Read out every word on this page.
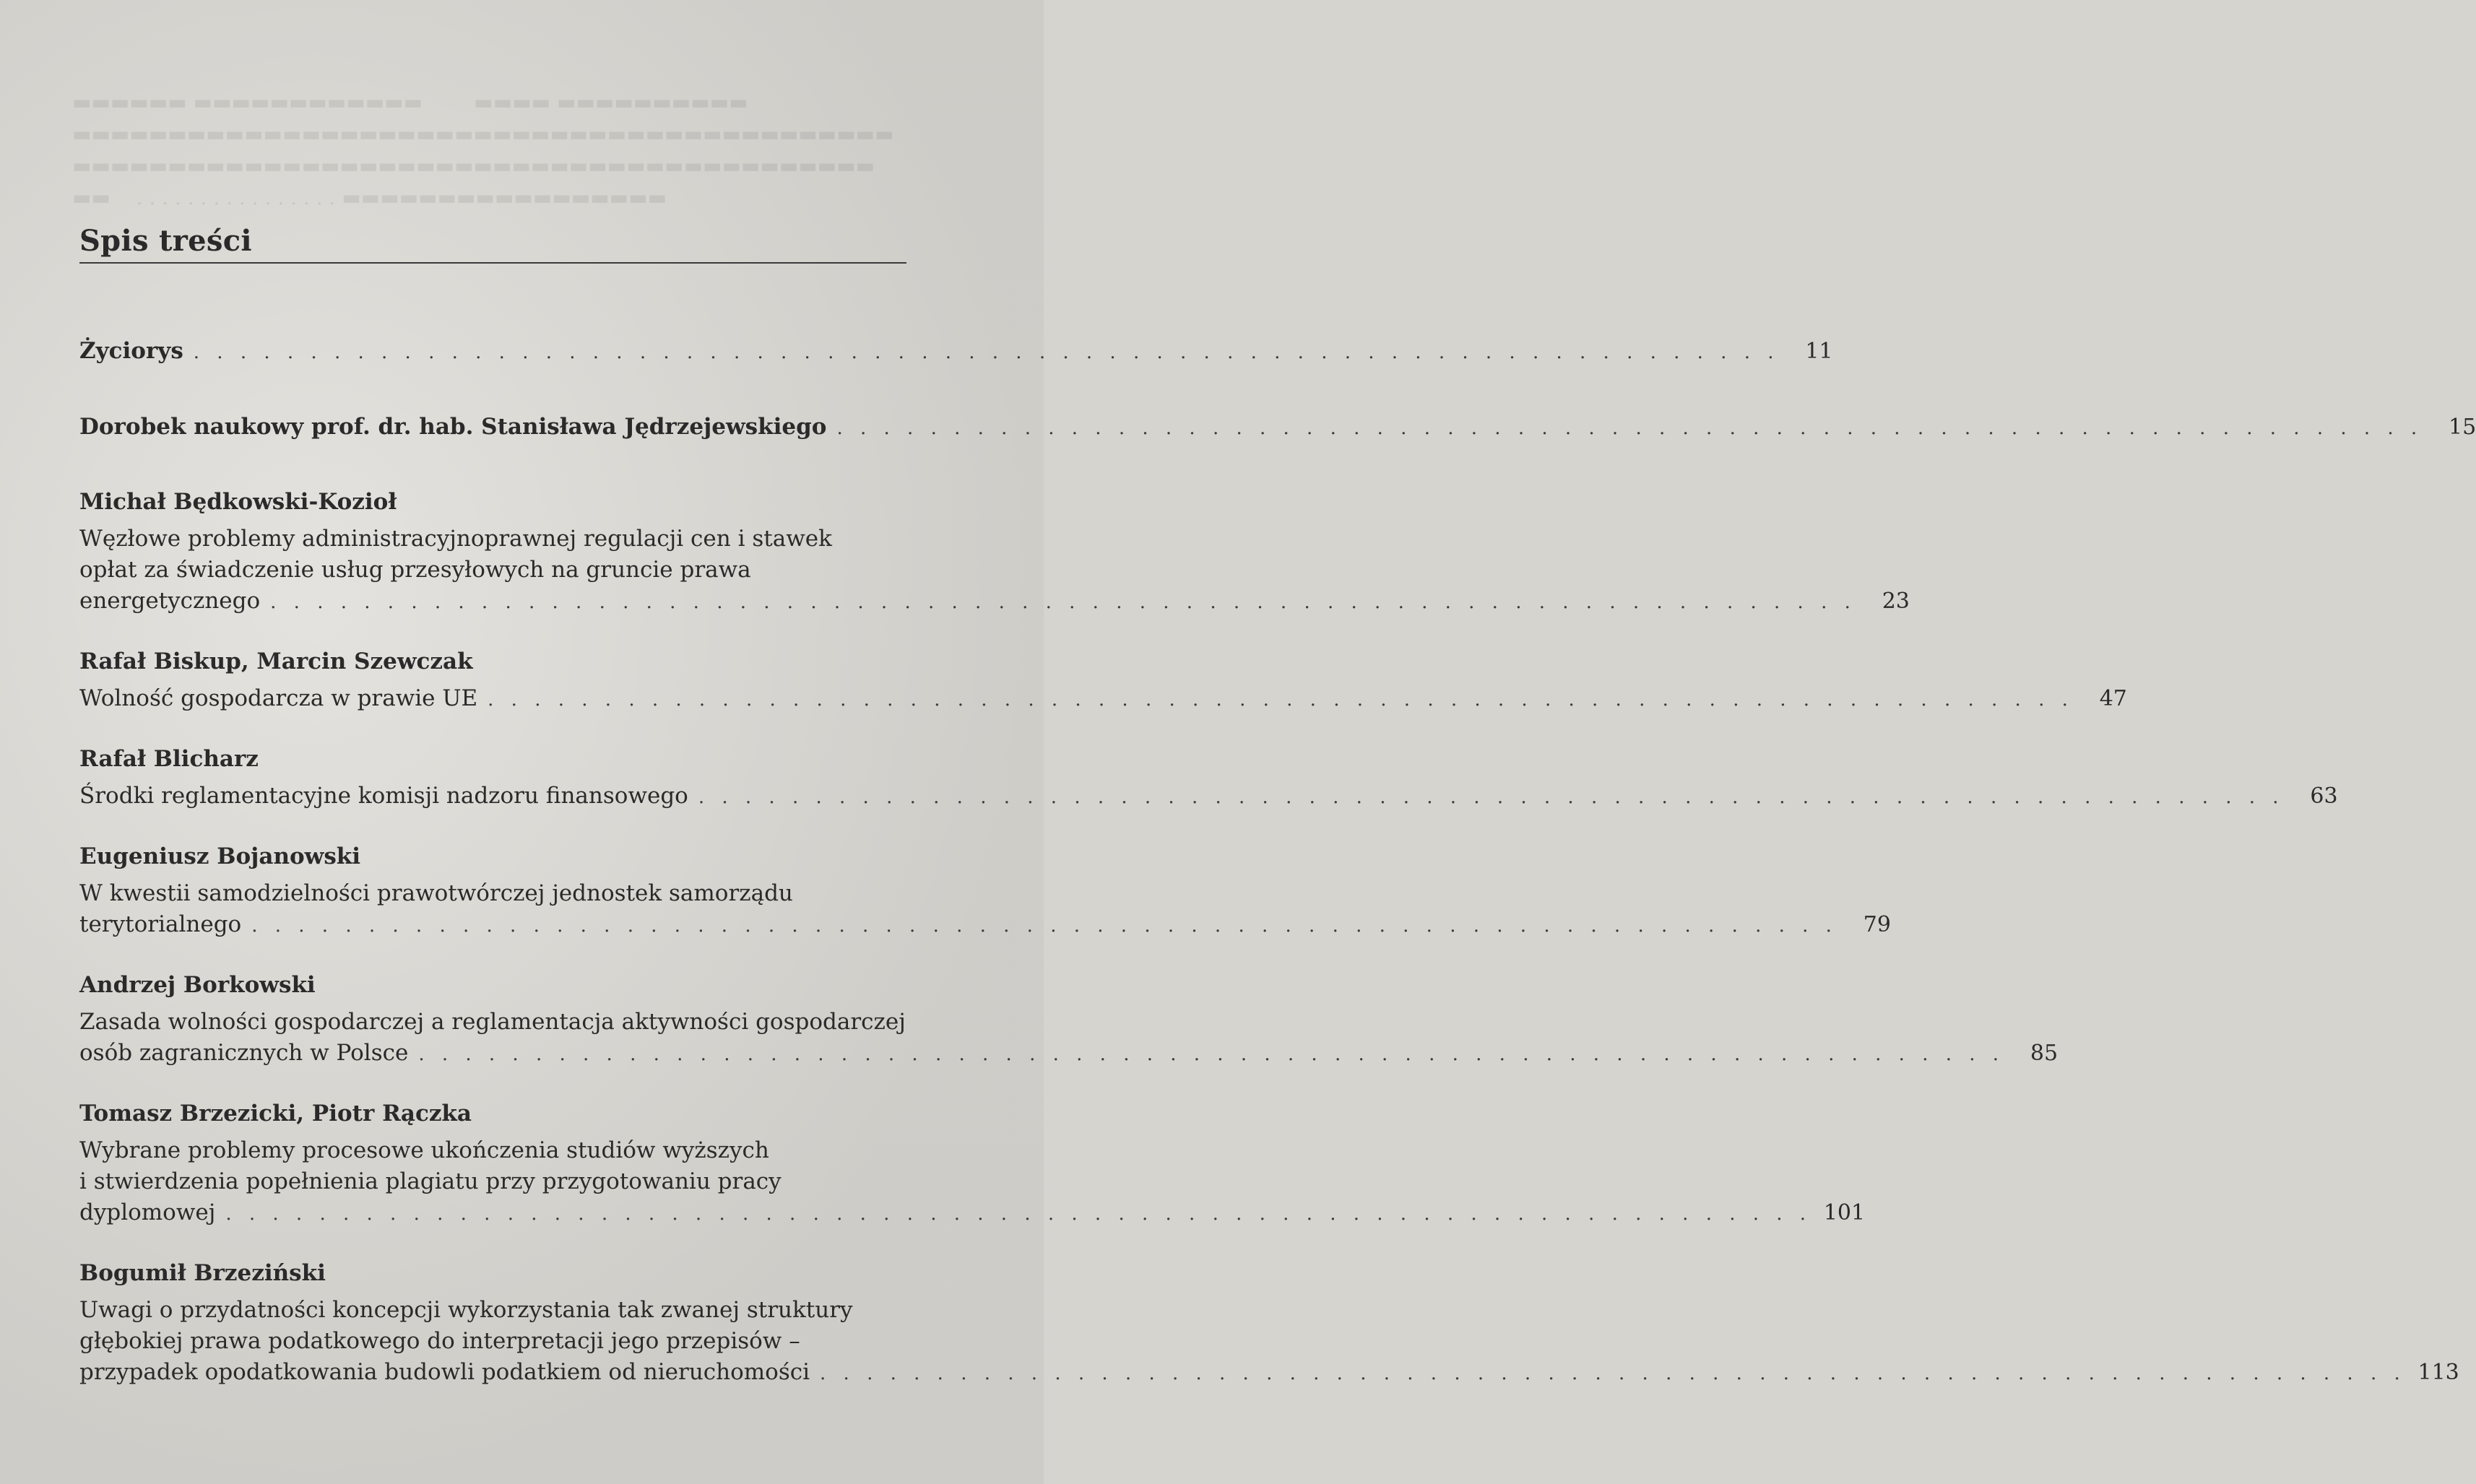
▬▬▬▬▬▬ ▬▬▬▬▬▬▬▬▬▬▬▬        ▬▬▬▬ ▬▬▬▬▬▬▬▬▬▬
▬▬▬▬▬▬▬▬▬▬▬▬▬▬▬▬▬▬▬▬▬▬▬▬▬▬▬▬▬▬▬▬▬▬▬▬▬▬▬▬▬▬▬
▬▬▬▬▬▬▬▬▬▬▬▬▬▬▬▬▬▬▬▬▬▬▬▬▬▬▬▬▬▬▬▬▬▬▬▬▬▬▬▬▬▬
▬▬    . . . . . . . . . . . . . . . . ▬▬▬▬▬▬▬▬▬▬▬▬▬▬▬▬▬
Spis treści
Życiorys . . . . . . . . . . . . . . . . . . . . . . . . . . . . . . . . . . . . . . . . . . . . . . . . . . . . . . . . . . . . . . . . . . . .	11
Dorobek naukowy prof. dr. hab. Stanisława Jędrzejewskiego . . . . . . . . . . . . . . . . . . . . . . . . . . . . . . . . . . . . . . . . . . . . . . . . . . . . . . . . . . . . . . . . . . . .	15
Michał Będkowski-Kozioł
Węzłowe problemy administracyjnoprawnej regulacji cen i stawek
opłat za świadczenie usług przesyłowych na gruncie prawa
energetycznego . . . . . . . . . . . . . . . . . . . . . . . . . . . . . . . . . . . . . . . . . . . . . . . . . . . . . . . . . . . . . . . . . . . .	23
Rafał Biskup, Marcin Szewczak
Wolność gospodarcza w prawie UE . . . . . . . . . . . . . . . . . . . . . . . . . . . . . . . . . . . . . . . . . . . . . . . . . . . . . . . . . . . . . . . . . . . .	47
Rafał Blicharz
Środki reglamentacyjne komisji nadzoru finansowego . . . . . . . . . . . . . . . . . . . . . . . . . . . . . . . . . . . . . . . . . . . . . . . . . . . . . . . . . . . . . . . . . . . .	63
Eugeniusz Bojanowski
W kwestii samodzielności prawotwórczej jednostek samorządu
terytorialnego . . . . . . . . . . . . . . . . . . . . . . . . . . . . . . . . . . . . . . . . . . . . . . . . . . . . . . . . . . . . . . . . . . . .	79
Andrzej Borkowski
Zasada wolności gospodarczej a reglamentacja aktywności gospodarczej
osób zagranicznych w Polsce . . . . . . . . . . . . . . . . . . . . . . . . . . . . . . . . . . . . . . . . . . . . . . . . . . . . . . . . . . . . . . . . . . . .	85
Tomasz Brzezicki, Piotr Rączka
Wybrane problemy procesowe ukończenia studiów wyższych
i stwierdzenia popełnienia plagiatu przy przygotowaniu pracy
dyplomowej . . . . . . . . . . . . . . . . . . . . . . . . . . . . . . . . . . . . . . . . . . . . . . . . . . . . . . . . . . . . . . . . . . . . 101
Bogumił Brzeziński
Uwagi o przydatności koncepcji wykorzystania tak zwanej struktury
głębokiej prawa podatkowego do interpretacji jego przepisów –
przypadek opodatkowania budowli podatkiem od nieruchomości . . . . . . . . . . . . . . . . . . . . . . . . . . . . . . . . . . . . . . . . . . . . . . . . . . . . . . . . . . . . . . . . . . . . 113
